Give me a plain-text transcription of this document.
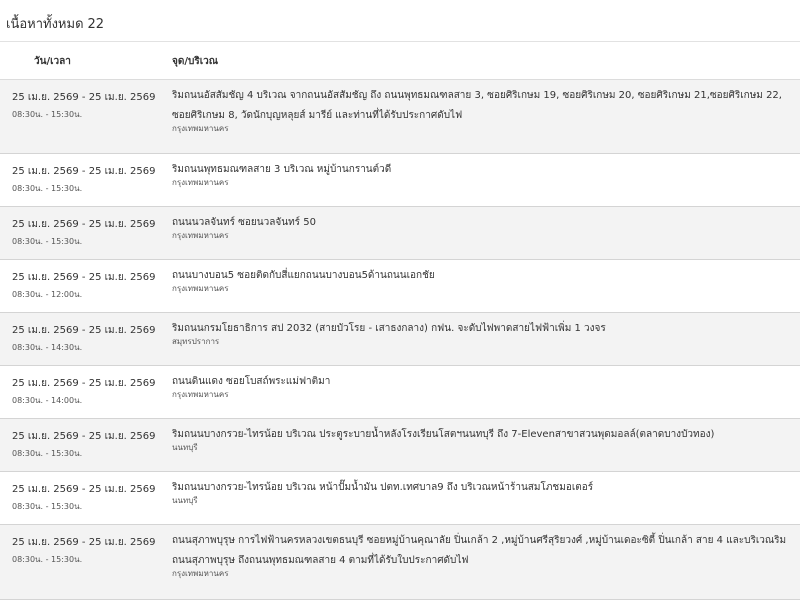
เนื้อหาทั้งหมด 22
วัน/เวลา	จุด/บริเวณ
25 เม.ย. 2569 - 25 เม.ย. 2569
08:30น. - 15:30น.
ริมถนนอัสสัมชัญ 4 บริเวณ จากถนนอัสสัมชัญ ถึง ถนนพุทธมณฑลสาย 3, ซอยศิริเกษม 19, ซอยศิริเกษม 20, ซอยศิริเกษม 21,ซอยศิริเกษม 22, ซอยศิริเกษม 8, วัดนักบุญหลุยส์ มารีย์ และท่านที่ได้รับประกาศดับไฟ
กรุงเทพมหานคร
25 เม.ย. 2569 - 25 เม.ย. 2569
08:30น. - 15:30น.
ริมถนนพุทธมณฑลสาย 3 บริเวณ หมู่บ้านกรานต์วดี
กรุงเทพมหานคร
25 เม.ย. 2569 - 25 เม.ย. 2569
08:30น. - 15:30น.
ถนนนวลจันทร์ ซอยนวลจันทร์ 50
กรุงเทพมหานคร
25 เม.ย. 2569 - 25 เม.ย. 2569
08:30น. - 12:00น.
ถนนบางบอน5 ซอยติดกับสี่แยกถนนบางบอน5ด้านถนนเอกชัย
กรุงเทพมหานคร
25 เม.ย. 2569 - 25 เม.ย. 2569
08:30น. - 14:30น.
ริมถนนกรมโยธาธิการ สป 2032 (สายบัวโรย - เสาธงกลาง) กฟน. จะดับไฟพาดสายไฟฟ้าเพิ่ม 1 วงจร
สมุทรปราการ
25 เม.ย. 2569 - 25 เม.ย. 2569
08:30น. - 14:00น.
ถนนดินแดง ซอยโบสถ์พระแม่ฟาติมา
กรุงเทพมหานคร
25 เม.ย. 2569 - 25 เม.ย. 2569
08:30น. - 15:30น.
ริมถนนบางกรวย-ไทรน้อย บริเวณ ประตูระบายน้ำหลังโรงเรียนโสตฯนนทบุรี ถึง 7-Elevenสาขาสวนพุดมอลล์(ตลาดบางบัวทอง)
นนทบุรี
25 เม.ย. 2569 - 25 เม.ย. 2569
08:30น. - 15:30น.
ริมถนนบางกรวย-ไทรน้อย บริเวณ หน้าปั๊มน้ำมัน ปตท.เทศบาล9 ถึง บริเวณหน้าร้านสมโภชมอเตอร์
นนทบุรี
25 เม.ย. 2569 - 25 เม.ย. 2569
08:30น. - 15:30น.
ถนนสุภาพบุรุษ การไฟฟ้านครหลวงเขตธนบุรี ซอยหมู่บ้านคุณาลัย ปิ่นเกล้า 2 ,หมู่บ้านศรีสุริยวงศ์ ,หมู่บ้านเดอะซิตี้ ปิ่นเกล้า สาย 4 และบริเวณริมถนนสุภาพบุรุษ ถึงถนนพุทธมณฑลสาย 4 ตามที่ได้รับใบประกาศดับไฟ
กรุงเทพมหานคร
